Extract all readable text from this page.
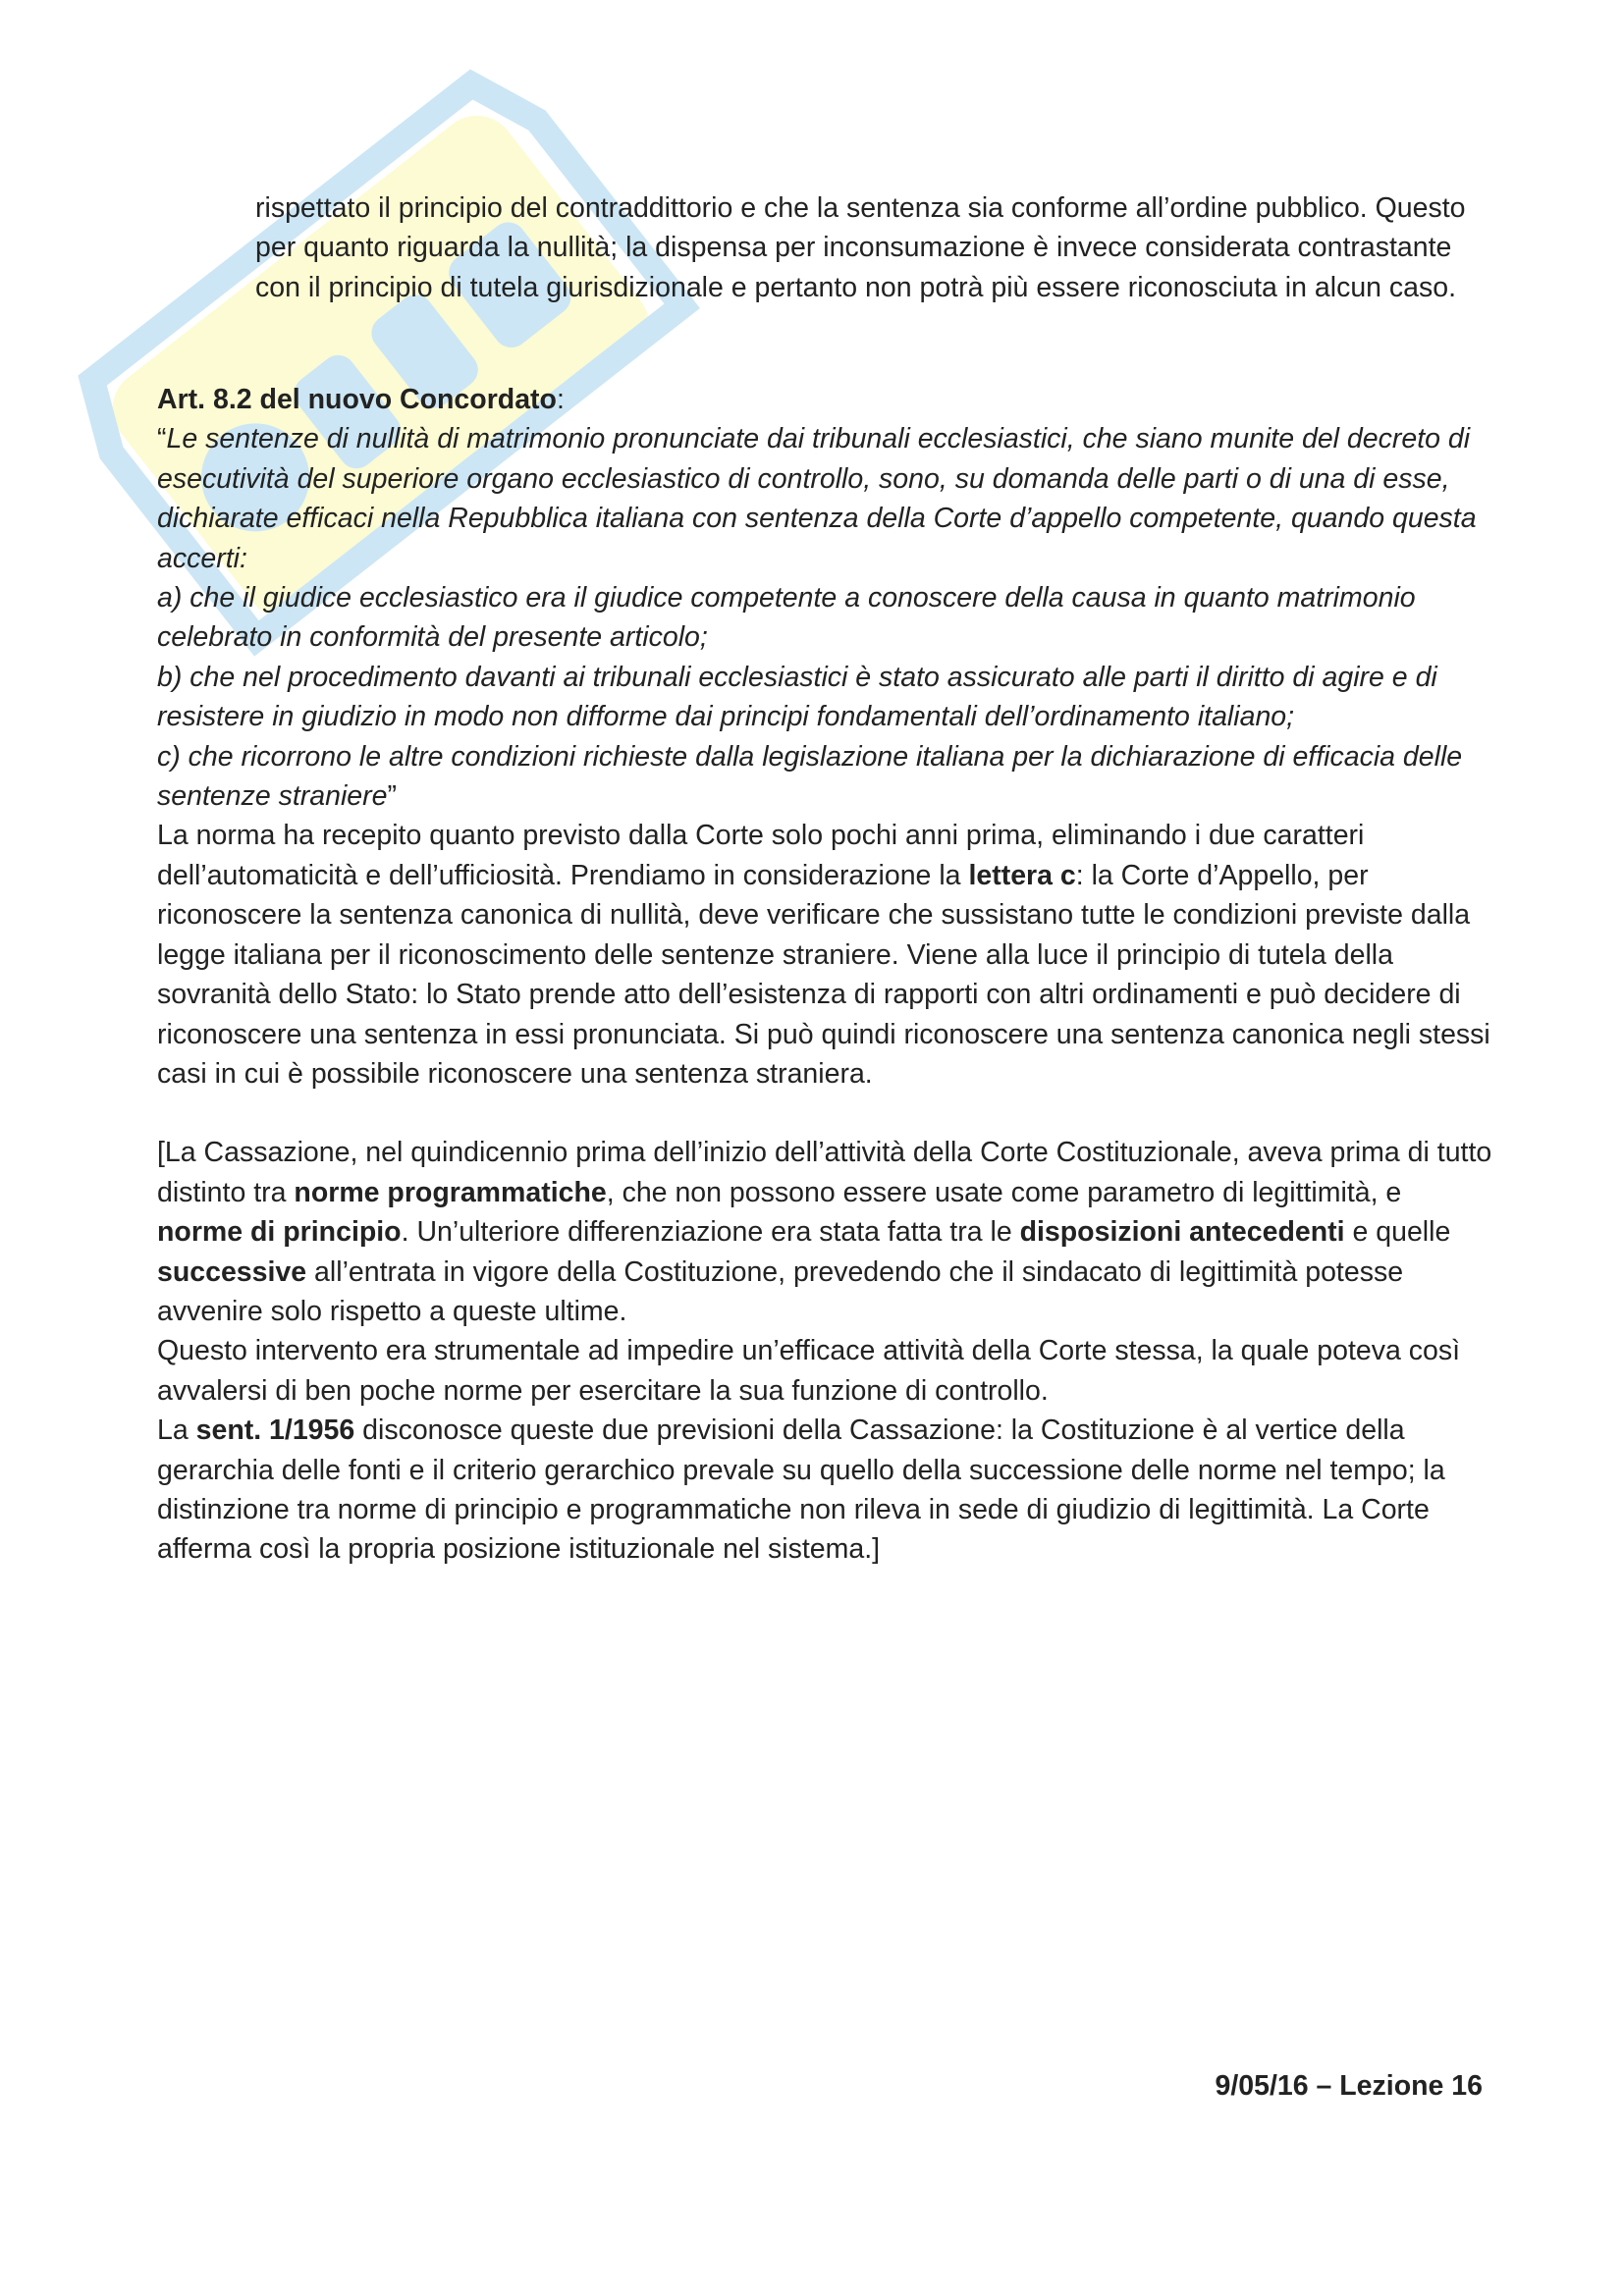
rispettato il principio del contraddittorio e che la sentenza sia conforme all’ordine pubblico. Questo per quanto riguarda la nullità; la dispensa per inconsumazione è invece considerata contrastante con il principio di tutela giurisdizionale e pertanto non potrà più essere riconosciuta in alcun caso.

Art. 8.2 del nuovo Concordato:

“Le sentenze di nullità di matrimonio pronunciate dai tribunali ecclesiastici, che siano munite del decreto di esecutività del superiore organo ecclesiastico di controllo, sono, su domanda delle parti o di una di esse, dichiarate efficaci nella Repubblica italiana con sentenza della Corte d’appello competente, quando questa accerti:

a) che il giudice ecclesiastico era il giudice competente a conoscere della causa in quanto matrimonio celebrato in conformità del presente articolo;

b) che nel procedimento davanti ai tribunali ecclesiastici è stato assicurato alle parti il diritto di agire e di resistere in giudizio in modo non difforme dai principi fondamentali dell’ordinamento italiano;

c) che ricorrono le altre condizioni richieste dalla legislazione italiana per la dichiarazione di efficacia delle sentenze straniere”

La norma ha recepito quanto previsto dalla Corte solo pochi anni prima, eliminando i due caratteri dell’automaticità e dell’ufficiosità. Prendiamo in considerazione la lettera c: la Corte d’Appello, per riconoscere la sentenza canonica di nullità, deve verificare che sussistano tutte le condizioni previste dalla legge italiana per il riconoscimento delle sentenze straniere. Viene alla luce il principio di tutela della sovranità dello Stato: lo Stato prende atto dell’esistenza di rapporti con altri ordinamenti e può decidere di riconoscere una sentenza in essi pronunciata. Si può quindi riconoscere una sentenza canonica negli stessi casi in cui è possibile riconoscere una sentenza straniera.

[La Cassazione, nel quindicennio prima dell’inizio dell’attività della Corte Costituzionale, aveva prima di tutto distinto tra norme programmatiche, che non possono essere usate come parametro di legittimità, e norme di principio. Un’ulteriore differenziazione era stata fatta tra le disposizioni antecedenti e quelle successive all’entrata in vigore della Costituzione, prevedendo che il sindacato di legittimità potesse avvenire solo rispetto a queste ultime.

Questo intervento era strumentale ad impedire un’efficace attività della Corte stessa, la quale poteva così avvalersi di ben poche norme per esercitare la sua funzione di controllo.

La sent. 1/1956 disconosce queste due previsioni della Cassazione: la Costituzione è al vertice della gerarchia delle fonti e il criterio gerarchico prevale su quello della successione delle norme nel tempo; la distinzione tra norme di principio e programmatiche non rileva in sede di giudizio di legittimità. La Corte afferma così la propria posizione istituzionale nel sistema.]

9/05/16 – Lezione 16
